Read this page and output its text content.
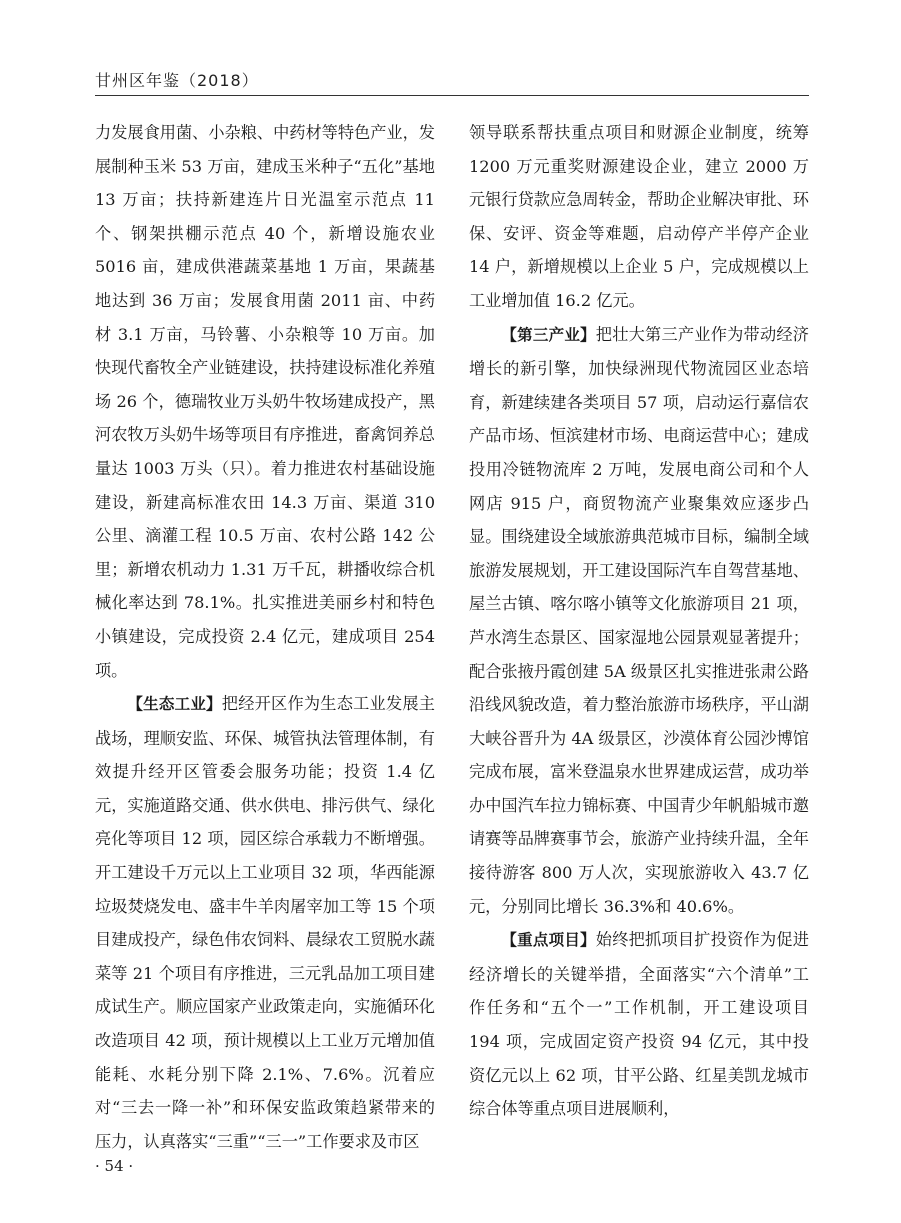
甘州区年鉴（2018）

力发展食用菌、小杂粮、中药材等特色产业，发展制种玉米 53 万亩，建成玉米种子“五化”基地 13 万亩；扶持新建连片日光温室示范点 11 个、钢架拱棚示范点 40 个，新增设施农业 5016 亩，建成供港蔬菜基地 1 万亩，果蔬基地达到 36 万亩；发展食用菌 2011 亩、中药材 3.1 万亩，马铃薯、小杂粮等 10 万亩。加快现代畜牧全产业链建设，扶持建设标准化养殖场 26 个，德瑞牧业万头奶牛牧场建成投产，黑河农牧万头奶牛场等项目有序推进，畜禽饲养总量达 1003 万头（只）。着力推进农村基础设施建设，新建高标准农田 14.3 万亩、渠道 310 公里、滴灌工程 10.5 万亩、农村公路 142 公里；新增农机动力 1.31 万千瓦，耕播收综合机械化率达到 78.1%。扎实推进美丽乡村和特色小镇建设，完成投资 2.4 亿元，建成项目 254 项。

【生态工业】把经开区作为生态工业发展主战场，理顺安监、环保、城管执法管理体制，有效提升经开区管委会服务功能；投资 1.4 亿元，实施道路交通、供水供电、排污供气、绿化亮化等项目 12 项，园区综合承载力不断增强。开工建设千万元以上工业项目 32 项，华西能源垃圾焚烧发电、盛丰牛羊肉屠宰加工等 15 个项目建成投产，绿色伟农饲料、晨绿农工贸脱水蔬菜等 21 个项目有序推进，三元乳品加工项目建成试生产。顺应国家产业政策走向，实施循环化改造项目 42 项，预计规模以上工业万元增加值能耗、水耗分别下降 2.1%、7.6%。沉着应对“三去一降一补”和环保安监政策趋紧带来的压力，认真落实“三重”“三一”工作要求及市区

领导联系帮扶重点项目和财源企业制度，统筹 1200 万元重奖财源建设企业，建立 2000 万元银行贷款应急周转金，帮助企业解决审批、环保、安评、资金等难题，启动停产半停产企业 14 户，新增规模以上企业 5 户，完成规模以上工业增加值 16.2 亿元。

【第三产业】把壮大第三产业作为带动经济增长的新引擎，加快绿洲现代物流园区业态培育，新建续建各类项目 57 项，启动运行嘉信农产品市场、恒滨建材市场、电商运营中心；建成投用冷链物流库 2 万吨，发展电商公司和个人网店 915 户，商贸物流产业聚集效应逐步凸显。围绕建设全域旅游典范城市目标，编制全域旅游发展规划，开工建设国际汽车自驾营基地、屋兰古镇、喀尔喀小镇等文化旅游项目 21 项，芦水湾生态景区、国家湿地公园景观显著提升；配合张掖丹霞创建 5A 级景区扎实推进张肃公路沿线风貌改造，着力整治旅游市场秩序，平山湖大峡谷晋升为 4A 级景区，沙漠体育公园沙博馆完成布展，富米登温泉水世界建成运营，成功举办中国汽车拉力锦标赛、中国青少年帆船城市邀请赛等品牌赛事节会，旅游产业持续升温，全年接待游客 800 万人次，实现旅游收入 43.7 亿元，分别同比增长 36.3%和 40.6%。

【重点项目】始终把抓项目扩投资作为促进经济增长的关键举措，全面落实“六个清单”工作任务和“五个一”工作机制，开工建设项目 194 项，完成固定资产投资 94 亿元，其中投资亿元以上 62 项，甘平公路、红星美凯龙城市综合体等重点项目进展顺利，

· 54 ·
